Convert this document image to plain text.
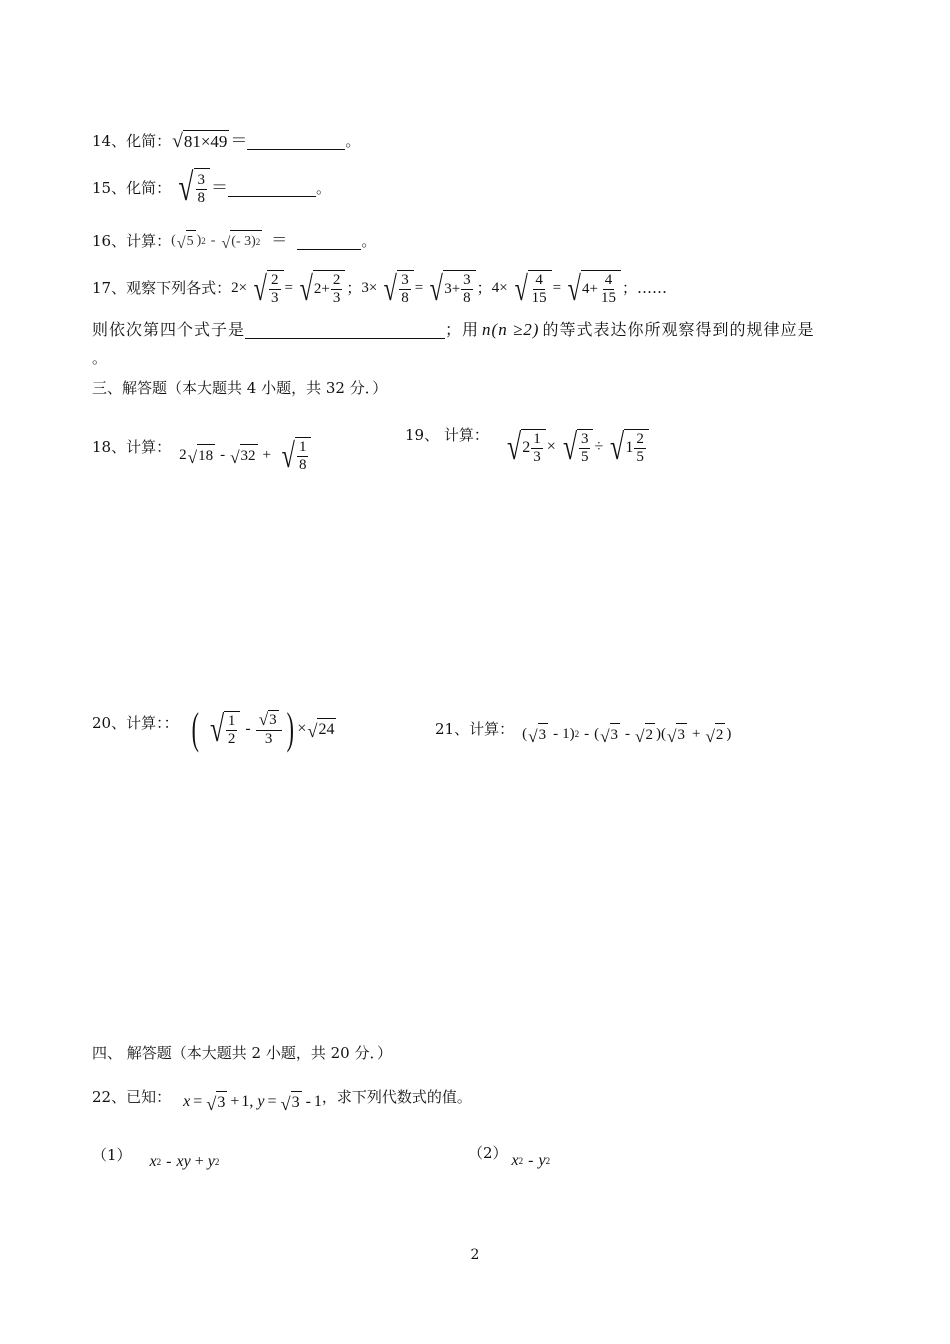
14、化简： √ 81×49 ＝	。
15、化简： √ $\frac{3}{8}$ ＝	。
16、计算： ( √ 5 ) 2 - √ (- 3) 2 ＝	。
17、观察下列各式： 2 × √ $\frac{2}{3}$ = √ $2 + \frac{2}{3}$ ； 3 × √ $\frac{3}{8}$ = √ $3 + \frac{3}{8}$ ； 4 × √ $\frac{4}{15}$ = √ $4 + \frac{4}{15}$ ； ……
则依次第四个式子是	；用 n(n ≥2) 的等式表达你所观察得到的规律应是
。
三、解答题（本大题共 4 小题，共 32 分．）
18、计算： 2 √ 18 - √ 32 + √ $\frac{1}{8}$
19、 计算： √ $2 \frac{1}{3}$ × √ $\frac{3}{5}$ ÷ √ $1 \frac{2}{5}$
20、计算：： ( √ $\frac{1}{2} - \frac{√ 3}{3}$ ) × √ 24	21、计算： ( √ 3 - 1 ) 2 - ( √ 3 - √ 2 )( √ 3 + √ 2 )
四、 解答题（本大题共 2 小题，共 20 分．）
22、已知： x = √ 3 + 1, y = √ 3 - 1 ，求下列代数式的值。
（1） x 2 - xy + y 2	（2） x 2 - y 2
2
